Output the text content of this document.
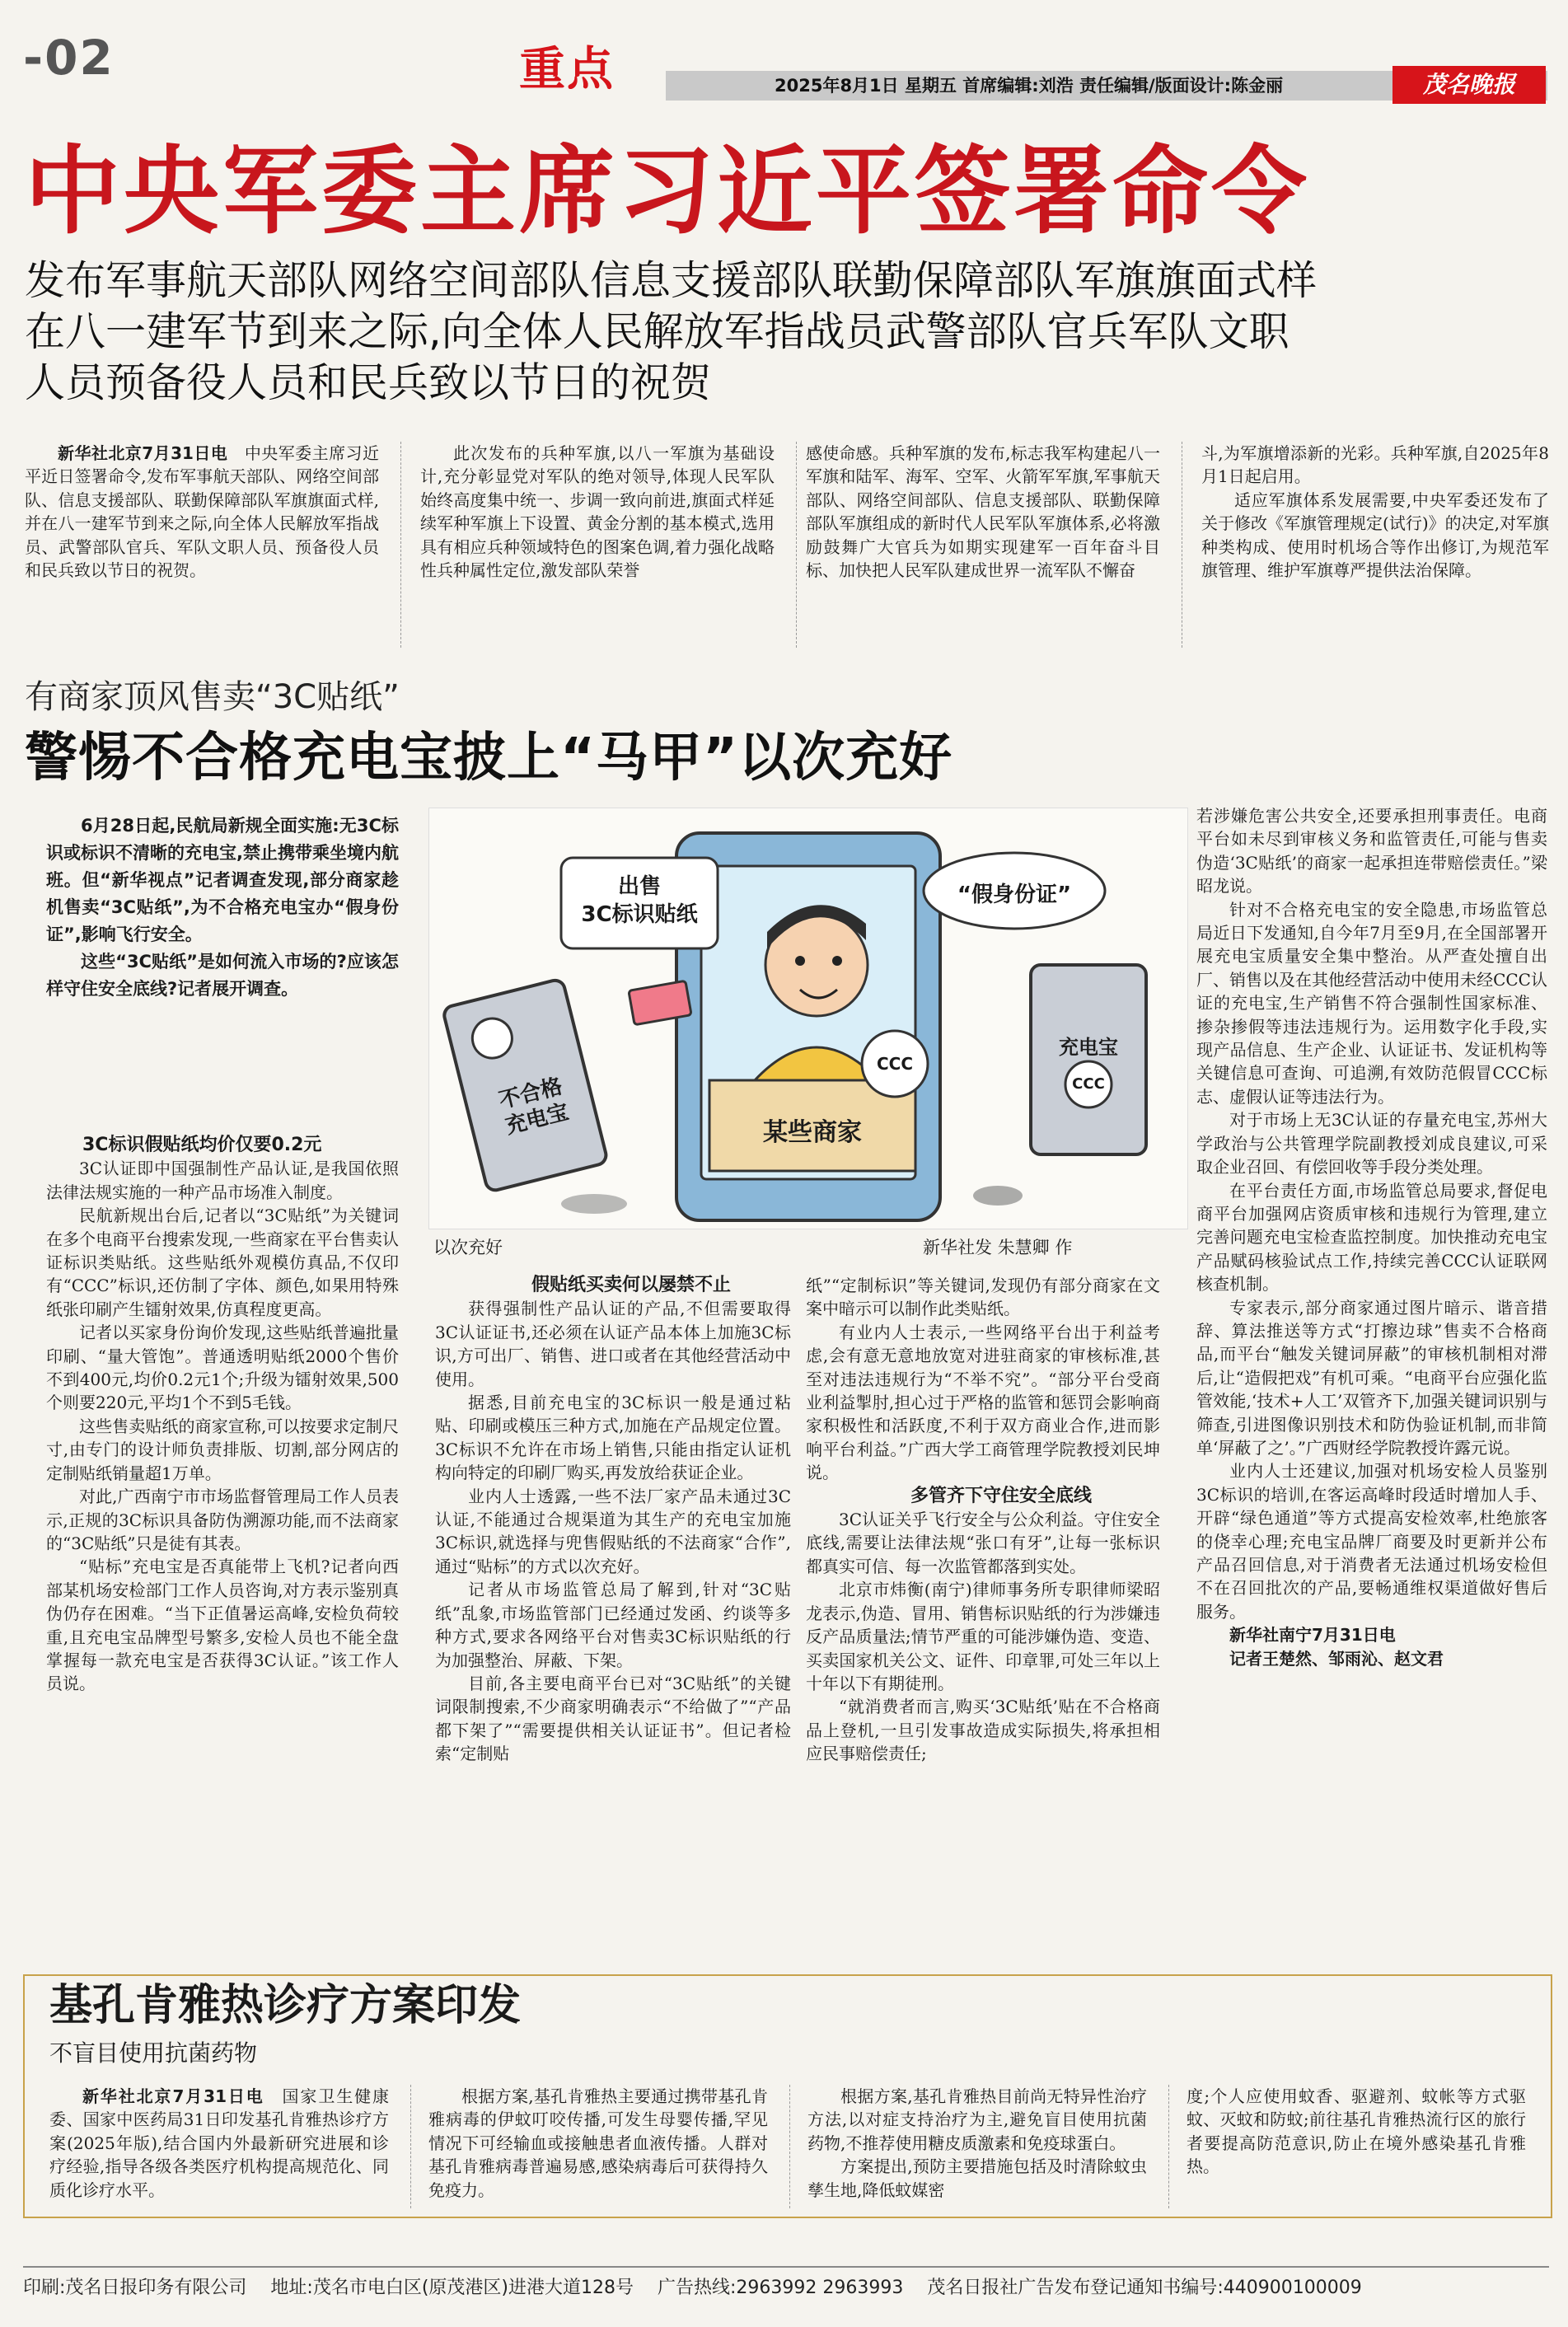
-02	重点	2025年8月1日 星期五 首席编辑:刘浩 责任编辑/版面设计:陈金丽	茂名晚报
中央军委主席习近平签署命令
发布军事航天部队网络空间部队信息支援部队联勤保障部队军旗旗面式样
在八一建军节到来之际,向全体人民解放军指战员武警部队官兵军队文职
人员预备役人员和民兵致以节日的祝贺

新华社北京7月31日电　 中央军委主席习近平近日签署命令,发布军事航天部队、网络空间部队、信息支援部队、联勤保障部队军旗旗面式样,并在八一建军节到来之际,向全体人民解放军指战员、武警部队官兵、军队文职人员、预备役人员和民兵致以节日的祝贺。

此次发布的兵种军旗,以八一军旗为基础设计,充分彰显党对军队的绝对领导,体现人民军队始终高度集中统一、步调一致向前进,旗面式样延续军种军旗上下设置、黄金分割的基本模式,选用具有相应兵种领域特色的图案色调,着力强化战略性兵种属性定位,激发部队荣誉

感使命感。兵种军旗的发布,标志我军构建起八一军旗和陆军、海军、空军、火箭军军旗,军事航天部队、网络空间部队、信息支援部队、联勤保障部队军旗组成的新时代人民军队军旗体系,必将激励鼓舞广大官兵为如期实现建军一百年奋斗目标、加快把人民军队建成世界一流军队不懈奋

斗,为军旗增添新的光彩。兵种军旗,自2025年8月1日起启用。

适应军旗体系发展需要,中央军委还发布了关于修改《军旗管理规定(试行)》的决定,对军旗种类构成、使用时机场合等作出修订,为规范军旗管理、维护军旗尊严提供法治保障。

有商家顶风售卖“3C贴纸”
警惕不合格充电宝披上“马甲”以次充好

6月28日起,民航局新规全面实施:无3C标识或标识不清晰的充电宝,禁止携带乘坐境内航班。但“新华视点”记者调查发现,部分商家趁机售卖“3C贴纸”,为不合格充电宝办“假身份证”,影响飞行安全。

这些“3C贴纸”是如何流入市场的?应该怎样守住安全底线?记者展开调查。

出售
3C标识贴纸
“假身份证”
某些商家
不合格
充电宝
充电宝
CCC
CCC
以次充好	新华社发 朱慧卿 作

3C标识假贴纸均价仅要0.2元

3C认证即中国强制性产品认证,是我国依照法律法规实施的一种产品市场准入制度。

民航新规出台后,记者以“3C贴纸”为关键词在多个电商平台搜索发现,一些商家在平台售卖认证标识类贴纸。这些贴纸外观模仿真品,不仅印有“CCC”标识,还仿制了字体、颜色,如果用特殊纸张印刷产生镭射效果,仿真程度更高。

记者以买家身份询价发现,这些贴纸普遍批量印刷、“量大管饱”。普通透明贴纸2000个售价不到400元,均价0.2元1个;升级为镭射效果,500个则要220元,平均1个不到5毛钱。

这些售卖贴纸的商家宣称,可以按要求定制尺寸,由专门的设计师负责排版、切割,部分网店的定制贴纸销量超1万单。

对此,广西南宁市市场监督管理局工作人员表示,正规的3C标识具备防伪溯源功能,而不法商家的“3C贴纸”只是徒有其表。

“贴标”充电宝是否真能带上飞机?记者向西部某机场安检部门工作人员咨询,对方表示鉴别真伪仍存在困难。“当下正值暑运高峰,安检负荷较重,且充电宝品牌型号繁多,安检人员也不能全盘掌握每一款充电宝是否获得3C认证。”该工作人员说。

假贴纸买卖何以屡禁不止

获得强制性产品认证的产品,不但需要取得3C认证证书,还必须在认证产品本体上加施3C标识,方可出厂、销售、进口或者在其他经营活动中使用。

据悉,目前充电宝的3C标识一般是通过粘贴、印刷或模压三种方式,加施在产品规定位置。3C标识不允许在市场上销售,只能由指定认证机构向特定的印刷厂购买,再发放给获证企业。

业内人士透露,一些不法厂家产品未通过3C认证,不能通过合规渠道为其生产的充电宝加施3C标识,就选择与兜售假贴纸的不法商家“合作”,通过“贴标”的方式以次充好。

记者从市场监管总局了解到,针对“3C贴纸”乱象,市场监管部门已经通过发函、约谈等多种方式,要求各网络平台对售卖3C标识贴纸的行为加强整治、屏蔽、下架。

目前,各主要电商平台已对“3C贴纸”的关键词限制搜索,不少商家明确表示“不给做了”“产品都下架了”“需要提供相关认证证书”。但记者检索“定制贴

纸”“定制标识”等关键词,发现仍有部分商家在文案中暗示可以制作此类贴纸。

有业内人士表示,一些网络平台出于利益考虑,会有意无意地放宽对进驻商家的审核标准,甚至对违法违规行为“不举不究”。“部分平台受商业利益掣肘,担心过于严格的监管和惩罚会影响商家积极性和活跃度,不利于双方商业合作,进而影响平台利益。”广西大学工商管理学院教授刘民坤说。

多管齐下守住安全底线

3C认证关乎飞行安全与公众利益。守住安全底线,需要让法律法规“张口有牙”,让每一张标识都真实可信、每一次监管都落到实处。

北京市炜衡(南宁)律师事务所专职律师梁昭龙表示,伪造、冒用、销售标识贴纸的行为涉嫌违反产品质量法;情节严重的可能涉嫌伪造、变造、买卖国家机关公文、证件、印章罪,可处三年以上十年以下有期徒刑。

“就消费者而言,购买‘3C贴纸’贴在不合格商品上登机,一旦引发事故造成实际损失,将承担相应民事赔偿责任;

若涉嫌危害公共安全,还要承担刑事责任。电商平台如未尽到审核义务和监管责任,可能与售卖伪造‘3C贴纸’的商家一起承担连带赔偿责任。”梁昭龙说。

针对不合格充电宝的安全隐患,市场监管总局近日下发通知,自今年7月至9月,在全国部署开展充电宝质量安全集中整治。从严查处擅自出厂、销售以及在其他经营活动中使用未经CCC认证的充电宝,生产销售不符合强制性国家标准、掺杂掺假等违法违规行为。运用数字化手段,实现产品信息、生产企业、认证证书、发证机构等关键信息可查询、可追溯,有效防范假冒CCC标志、虚假认证等违法行为。

对于市场上无3C认证的存量充电宝,苏州大学政治与公共管理学院副教授刘成良建议,可采取企业召回、有偿回收等手段分类处理。

在平台责任方面,市场监管总局要求,督促电商平台加强网店资质审核和违规行为管理,建立完善问题充电宝检查监控制度。加快推动充电宝产品赋码核验试点工作,持续完善CCC认证联网核查机制。

专家表示,部分商家通过图片暗示、谐音措辞、算法推送等方式“打擦边球”售卖不合格商品,而平台“触发关键词屏蔽”的审核机制相对滞后,让“造假把戏”有机可乘。“电商平台应强化监管效能,‘技术+人工’双管齐下,加强关键词识别与筛查,引进图像识别技术和防伪验证机制,而非简单‘屏蔽了之’。”广西财经学院教授许露元说。

业内人士还建议,加强对机场安检人员鉴别3C标识的培训,在客运高峰时段适时增加人手、开辟“绿色通道”等方式提高安检效率,杜绝旅客的侥幸心理;充电宝品牌厂商要及时更新并公布产品召回信息,对于消费者无法通过机场安检但不在召回批次的产品,要畅通维权渠道做好售后服务。

新华社南宁7月31日电

记者王楚然、邹雨沁、赵文君

基孔肯雅热诊疗方案印发
不盲目使用抗菌药物

新华社北京7月31日电　 国家卫生健康委、国家中医药局31日印发基孔肯雅热诊疗方案(2025年版),结合国内外最新研究进展和诊疗经验,指导各级各类医疗机构提高规范化、同质化诊疗水平。

根据方案,基孔肯雅热主要通过携带基孔肯雅病毒的伊蚊叮咬传播,可发生母婴传播,罕见情况下可经输血或接触患者血液传播。人群对基孔肯雅病毒普遍易感,感染病毒后可获得持久免疫力。

根据方案,基孔肯雅热目前尚无特异性治疗方法,以对症支持治疗为主,避免盲目使用抗菌药物,不推荐使用糖皮质激素和免疫球蛋白。

方案提出,预防主要措施包括及时清除蚊虫孳生地,降低蚊媒密

度;个人应使用蚊香、驱避剂、蚊帐等方式驱蚊、灭蚊和防蚊;前往基孔肯雅热流行区的旅行者要提高防范意识,防止在境外感染基孔肯雅热。

印刷:茂名日报印务有限公司　 地址:茂名市电白区(原茂港区)进港大道128号　 广告热线:2963992 2963993　 茂名日报社广告发布登记通知书编号:440900100009
